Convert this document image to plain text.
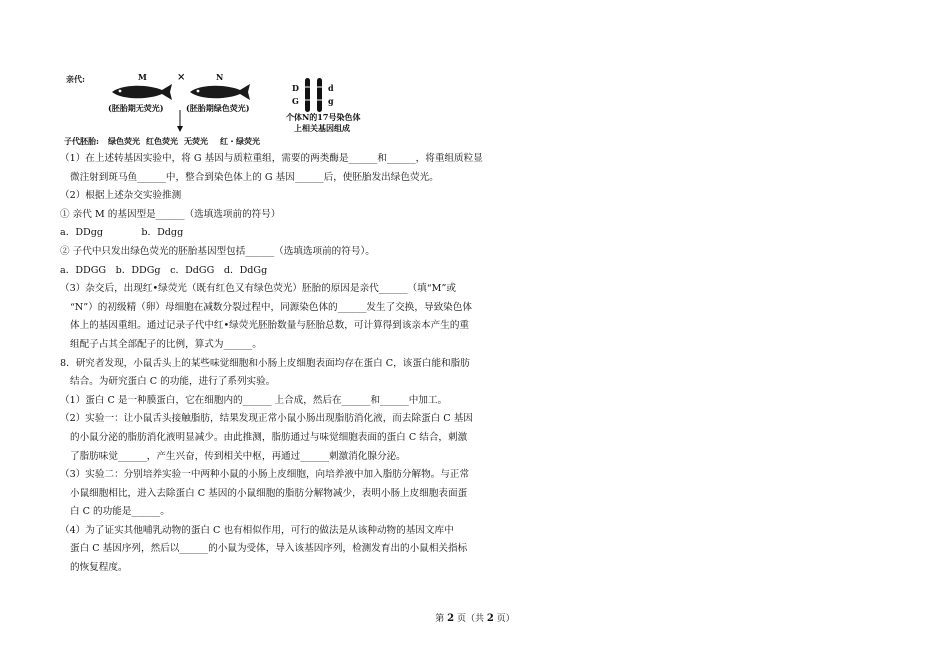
亲代:	M	×	N
(胚胎期无荧光)	(胚胎期绿色荧光)
D
G
d
g
个体N的17号染色体
上相关基因组成
子代胚胎: 绿色荧光 红色荧光 无荧光 红・绿荧光
（1）在上述转基因实验中，将 G 基因与质粒重组，需要的两类酶是______和______，将重组质粒显
微注射到斑马鱼______中，整合到染色体上的 G 基因______后，使胚胎发出绿色荧光。
（2）根据上述杂交实验推测
① 亲代 M 的基因型是______（选填选项前的符号）
a．DDgg　　　　b．Ddgg
② 子代中只发出绿色荧光的胚胎基因型包括______（选填选项前的符号）。
a．DDGG　b．DDGg　c．DdGG　d．DdGg
（3）杂交后，出现红•绿荧光（既有红色又有绿色荧光）胚胎的原因是亲代______（填“M”或
“N”）的初级精（卵）母细胞在减数分裂过程中，同源染色体的______发生了交换，导致染色体
体上的基因重组。通过记录子代中红•绿荧光胚胎数量与胚胎总数，可计算得到该亲本产生的重
组配子占其全部配子的比例，算式为______。
8．研究者发现，小鼠舌头上的某些味觉细胞和小肠上皮细胞表面均存在蛋白 C，该蛋白能和脂肪
结合。为研究蛋白 C 的功能，进行了系列实验。
（1）蛋白 C 是一种膜蛋白，它在细胞内的______ 上合成，然后在______和______中加工。
（2）实验一：让小鼠舌头接触脂肪，结果发现正常小鼠小肠出现脂肪消化液，而去除蛋白 C 基因
的小鼠分泌的脂肪消化液明显减少。由此推测，脂肪通过与味觉细胞表面的蛋白 C 结合，刺激
了脂肪味觉______，产生兴奋，传到相关中枢，再通过______刺激消化腺分泌。
（3）实验二：分别培养实验一中两种小鼠的小肠上皮细胞，向培养液中加入脂肪分解物。与正常
小鼠细胞相比，进入去除蛋白 C 基因的小鼠细胞的脂肪分解物减少，表明小肠上皮细胞表面蛋
白 C 的功能是______。
（4）为了证实其他哺乳动物的蛋白 C 也有相似作用，可行的做法是从该种动物的基因文库中
蛋白 C 基因序列，然后以______的小鼠为受体，导入该基因序列，检测发育出的小鼠相关指标
的恢复程度。
第 2 页（共 2 页）
